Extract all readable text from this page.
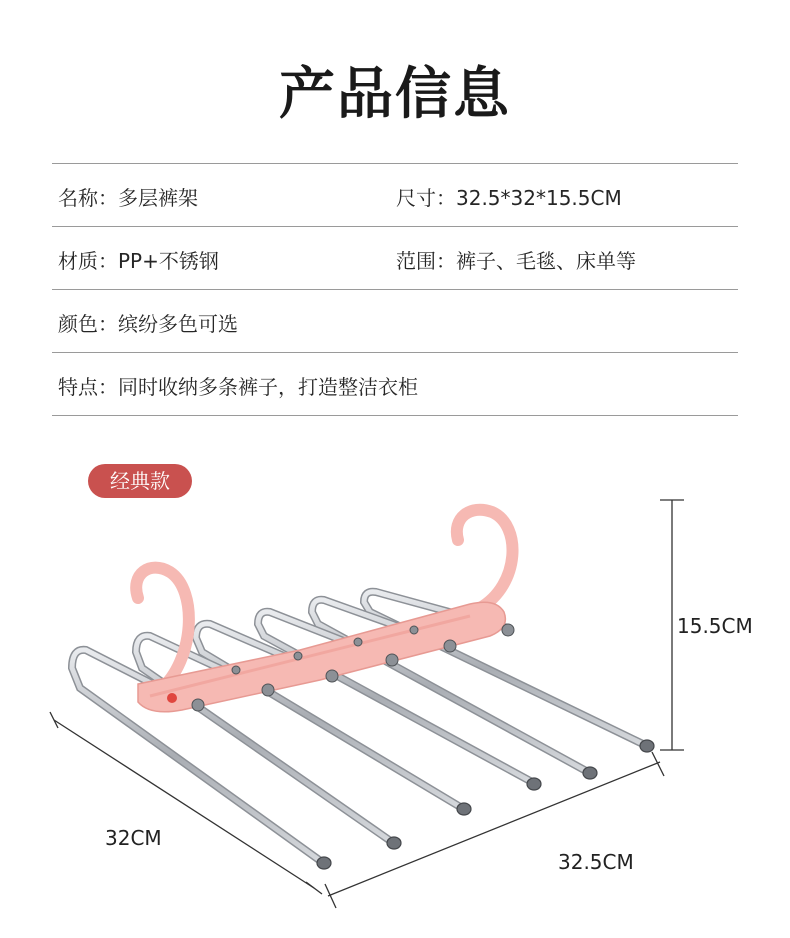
产品信息
名称：多层裤架	尺寸：32.5*32*15.5CM
材质：PP+不锈钢	范围：裤子、毛毯、床单等
颜色：缤纷多色可选
特点：同时收纳多条裤子，打造整洁衣柜
经典款
15.5CM
32CM
32.5CM
